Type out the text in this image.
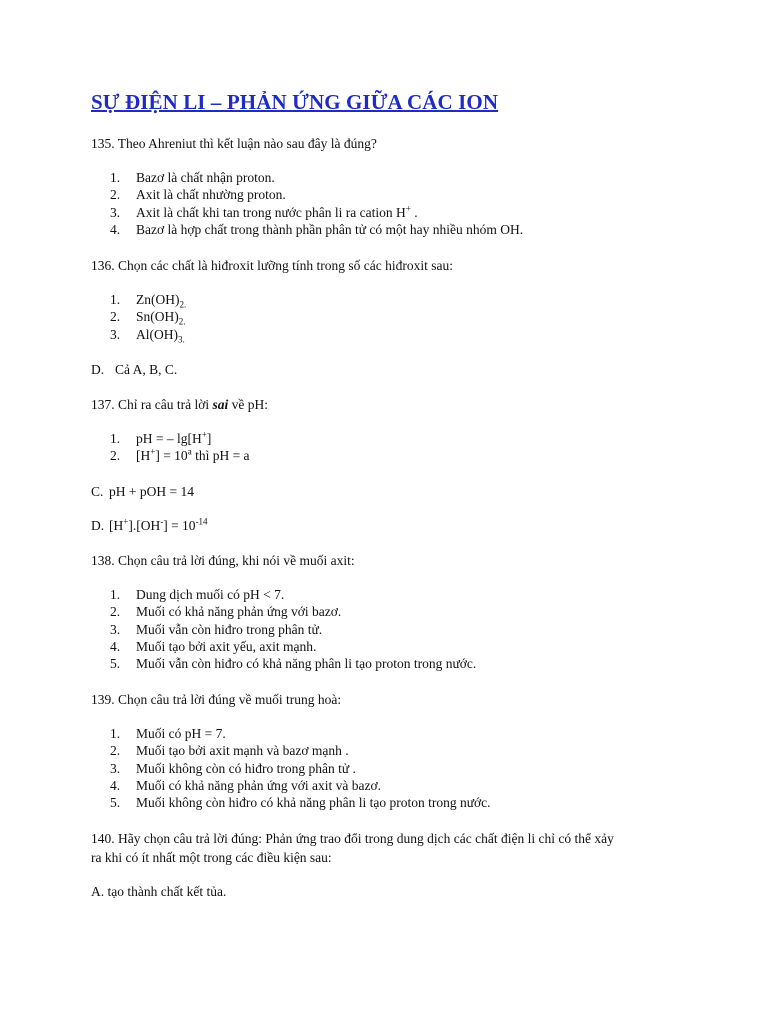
SỰ ĐIỆN LI – PHẢN ỨNG GIỮA CÁC ION

135. Theo Ahreniut thì kết luận nào sau đây là đúng?

1. Bazơ là chất nhận proton.
2. Axit là chất nhường proton.
3. Axit là chất khi tan trong nước phân li ra cation H+ .
4. Bazơ là hợp chất trong thành phần phân tử có một hay nhiều nhóm OH.

136. Chọn các chất là hiđroxit lưỡng tính trong số các hiđroxit sau:

1. $Zn(OH)_{2.}$
2. $Sn(OH)_{2.}$
3. $Al(OH)_{3.}$

D. Cả A, B, C.

137. Chỉ ra câu trả lời sai về pH:

1. pH = – lg[H+]
2. $[H^+] = 10^a$ thì pH = a

C. pH + pOH = 14

D. $[H^+].[OH^-] = 10^{-14}$

138. Chọn câu trả lời đúng, khi nói về muối axit:

1. Dung dịch muối có pH < 7.
2. Muối có khả năng phản ứng với bazơ.
3. Muối vẫn còn hiđro trong phân tử.
4. Muối tạo bởi axit yếu, axit mạnh.
5. Muối vẫn còn hiđro có khả năng phân li tạo proton trong nước.

139. Chọn câu trả lời đúng về muối trung hoà:

1. Muối có pH = 7.
2. Muối tạo bởi axit mạnh và bazơ mạnh .
3. Muối không còn có hiđro trong phân tử .
4. Muối có khả năng phản ứng với axit và bazơ.
5. Muối không còn hiđro có khả năng phân li tạo proton trong nước.

140. Hãy chọn câu trả lời đúng: Phản ứng trao đổi trong dung dịch các chất điện li chỉ có thể xảy

ra khi có ít nhất một trong các điều kiện sau:

A. tạo thành chất kết tủa.
